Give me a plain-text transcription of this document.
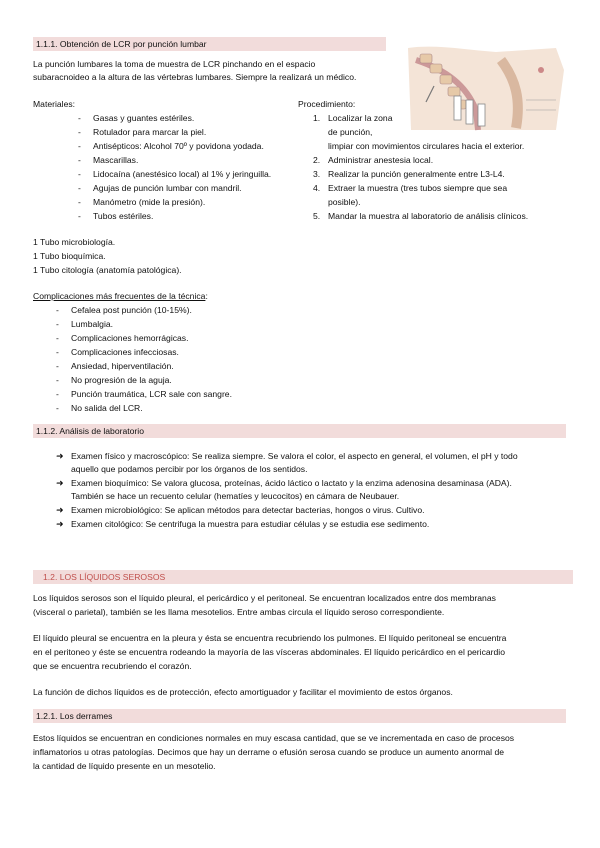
1.1.1. Obtención de LCR por punción lumbar
La punción lumbares la toma de muestra de LCR pinchando en el espacio
subaracnoideo a la altura de las vértebras lumbares. Siempre la realizará un médico.
Materiales:
- Gasas y guantes estériles.
- Rotulador para marcar la piel.
- Antisépticos: Alcohol 70º y povidona yodada.
- Mascarillas.
- Lidocaína (anestésico local) al 1% y jeringuilla.
- Agujas de punción lumbar con mandril.
- Manómetro (mide la presión).
- Tubos estériles.
Procedimiento:
1. Localizar la zona
de punción,
limpiar con movimientos circulares hacia el exterior.
2. Administrar anestesia local.
3. Realizar la punción generalmente entre L3-L4.
4. Extraer la muestra (tres tubos siempre que sea
posible).
5. Mandar la muestra al laboratorio de análisis clínicos.
1 Tubo microbiología.
1 Tubo bioquímica.
1 Tubo citología (anatomía patológica).
Complicaciones más frecuentes de la técnica:
- Cefalea post punción (10-15%).
- Lumbalgia.
- Complicaciones hemorrágicas.
- Complicaciones infecciosas.
- Ansiedad, hiperventilación.
- No progresión de la aguja.
- Punción traumática, LCR sale con sangre.
- No salida del LCR.
1.1.2. Análisis de laboratorio
➜ Examen físico y macroscópico: Se realiza siempre. Se valora el color, el aspecto en general, el volumen, el pH y todo
aquello que podamos percibir por los órganos de los sentidos.
➜ Examen bioquímico: Se valora glucosa, proteínas, ácido láctico o lactato y la enzima adenosina desaminasa (ADA).
También se hace un recuento celular (hematíes y leucocitos) en cámara de Neubauer.
➜ Examen microbiológico: Se aplican métodos para detectar bacterias, hongos o virus. Cultivo.
➜ Examen citológico: Se centrifuga la muestra para estudiar células y se estudia ese sedimento.
1.2. LOS LÍQUIDOS SEROSOS
Los líquidos serosos son el líquido pleural, el pericárdico y el peritoneal. Se encuentran localizados entre dos membranas
(visceral o parietal), también se les llama mesotelios. Entre ambas circula el líquido seroso correspondiente.
El líquido pleural se encuentra en la pleura y ésta se encuentra recubriendo los pulmones. El líquido peritoneal se encuentra
en el peritoneo y éste se encuentra rodeando la mayoría de las vísceras abdominales. El líquido pericárdico en el pericardio
que se encuentra recubriendo el corazón.
La función de dichos líquidos es de protección, efecto amortiguador y facilitar el movimiento de estos órganos.
1.2.1. Los derrames
Estos líquidos se encuentran en condiciones normales en muy escasa cantidad, que se ve incrementada en caso de procesos
inflamatorios u otras patologías. Decimos que hay un derrame o efusión serosa cuando se produce un aumento anormal de
la cantidad de líquido presente en un mesotelio.
